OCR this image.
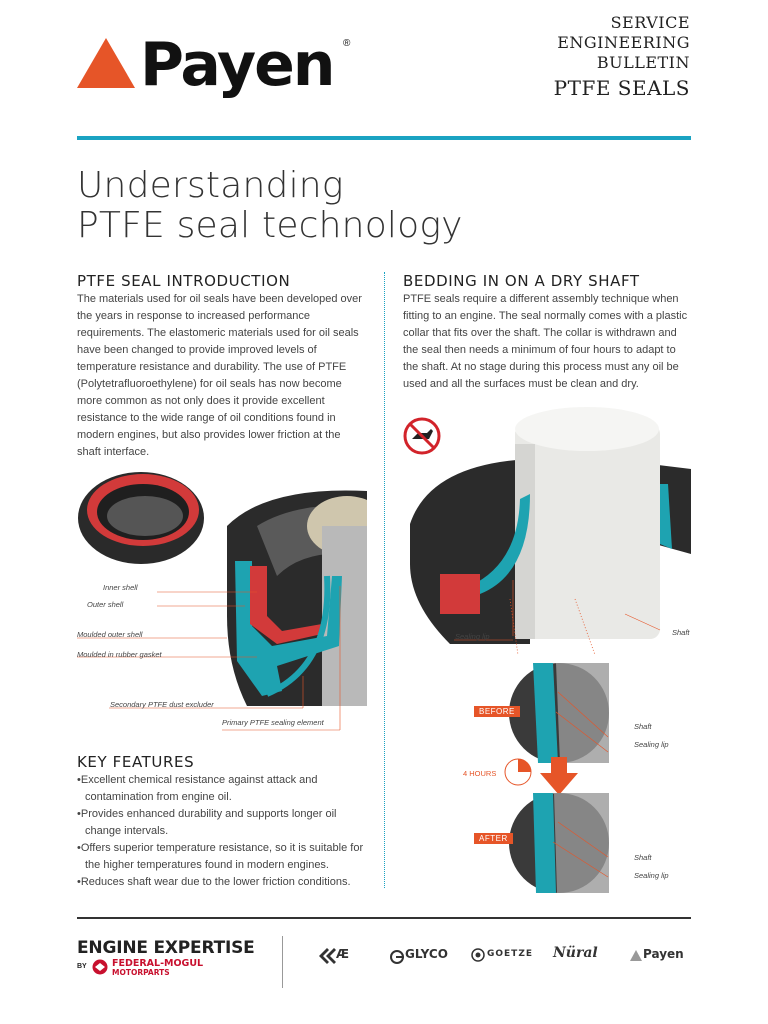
Payen ®
SERVICE
ENGINEERING
BULLETIN
PTFE SEALS
Understanding
PTFE seal technology
PTFE SEAL INTRODUCTION

The materials used for oil seals have been developed over the years in response to increased performance requirements. The elastomeric materials used for oil seals have been changed to provide improved levels of temperature resistance and durability. The use of PTFE (Polytetrafluoroethylene) for oil seals has now become more common as not only does it provide excellent resistance to the wide range of oil conditions found in modern engines, but also provides lower friction at the shaft interface.

Inner shell
Outer shell
Moulded outer shell
Moulded in rubber gasket
Secondary PTFE dust excluder
Primary PTFE sealing element
KEY FEATURES
• Excellent chemical resistance against attack and contamination from engine oil.
• Provides enhanced durability and supports longer oil change intervals.
• Offers superior temperature resistance, so it is suitable for the higher temperatures found in modern engines.
• Reduces shaft wear due to the lower friction conditions.
BEDDING IN ON A DRY SHAFT

PTFE seals require a different assembly technique when fitting to an engine. The seal normally comes with a plastic collar that fits over the shaft. The collar is withdrawn and the seal then needs a minimum of four hours to adapt to the shaft. At no stage during this process must any oil be used and all the surfaces must be clean and dry.

Sealing lip	Shaft
BEFORE
Shaft
Sealing lip
4 HOURS
AFTER
Shaft
Sealing lip
ENGINE EXPERTISE
BY	FEDERAL-MOGUL
MOTORPARTS
Æ	GLYCO	GOETZE Nüral	Payen
